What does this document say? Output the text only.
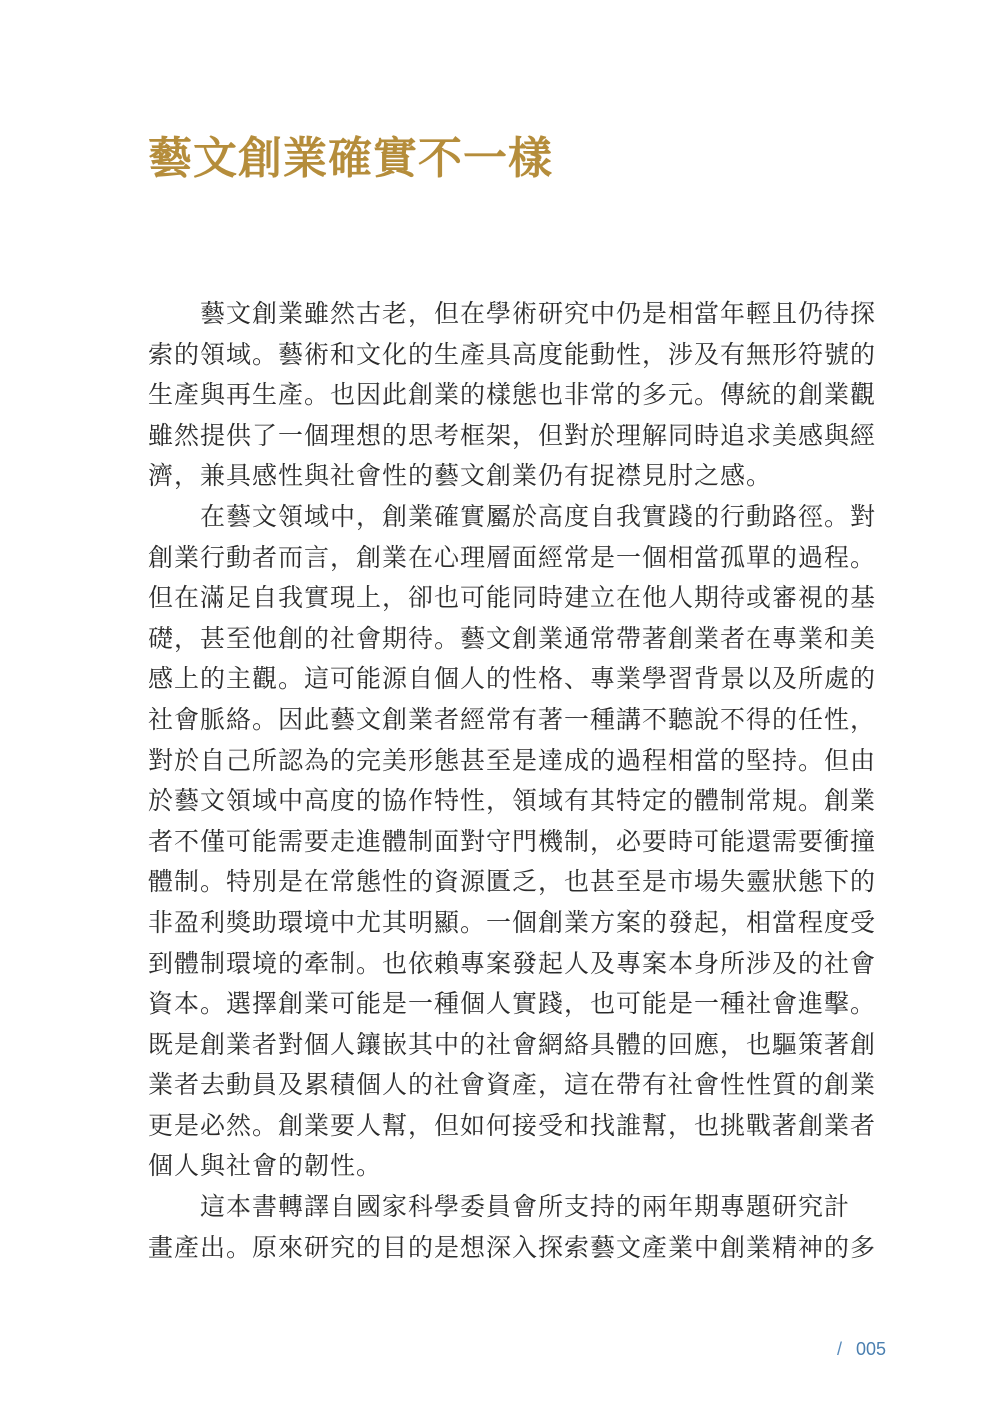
藝文創業確實不一樣
　　藝文創業雖然古老，但在學術研究中仍是相當年輕且仍待探
索的領域。藝術和文化的生產具高度能動性，涉及有無形符號的
生產與再生產。也因此創業的樣態也非常的多元。傳統的創業觀
雖然提供了一個理想的思考框架，但對於理解同時追求美感與經
濟，兼具感性與社會性的藝文創業仍有捉襟見肘之感。
　　在藝文領域中，創業確實屬於高度自我實踐的行動路徑。對
創業行動者而言，創業在心理層面經常是一個相當孤單的過程。
但在滿足自我實現上，卻也可能同時建立在他人期待或審視的基
礎，甚至他創的社會期待。藝文創業通常帶著創業者在專業和美
感上的主觀。這可能源自個人的性格、專業學習背景以及所處的
社會脈絡。因此藝文創業者經常有著一種講不聽說不得的任性，
對於自己所認為的完美形態甚至是達成的過程相當的堅持。但由
於藝文領域中高度的協作特性，領域有其特定的體制常規。創業
者不僅可能需要走進體制面對守門機制，必要時可能還需要衝撞
體制。特別是在常態性的資源匱乏，也甚至是市場失靈狀態下的
非盈利獎助環境中尤其明顯。一個創業方案的發起，相當程度受
到體制環境的牽制。也依賴專案發起人及專案本身所涉及的社會
資本。選擇創業可能是一種個人實踐，也可能是一種社會進擊。
既是創業者對個人鑲嵌其中的社會網絡具體的回應，也驅策著創
業者去動員及累積個人的社會資產，這在帶有社會性性質的創業
更是必然。創業要人幫，但如何接受和找誰幫，也挑戰著創業者
個人與社會的韌性。
　　這本書轉譯自國家科學委員會所支持的兩年期專題研究計
畫產出。原來研究的目的是想深入探索藝文產業中創業精神的多
/ 005
